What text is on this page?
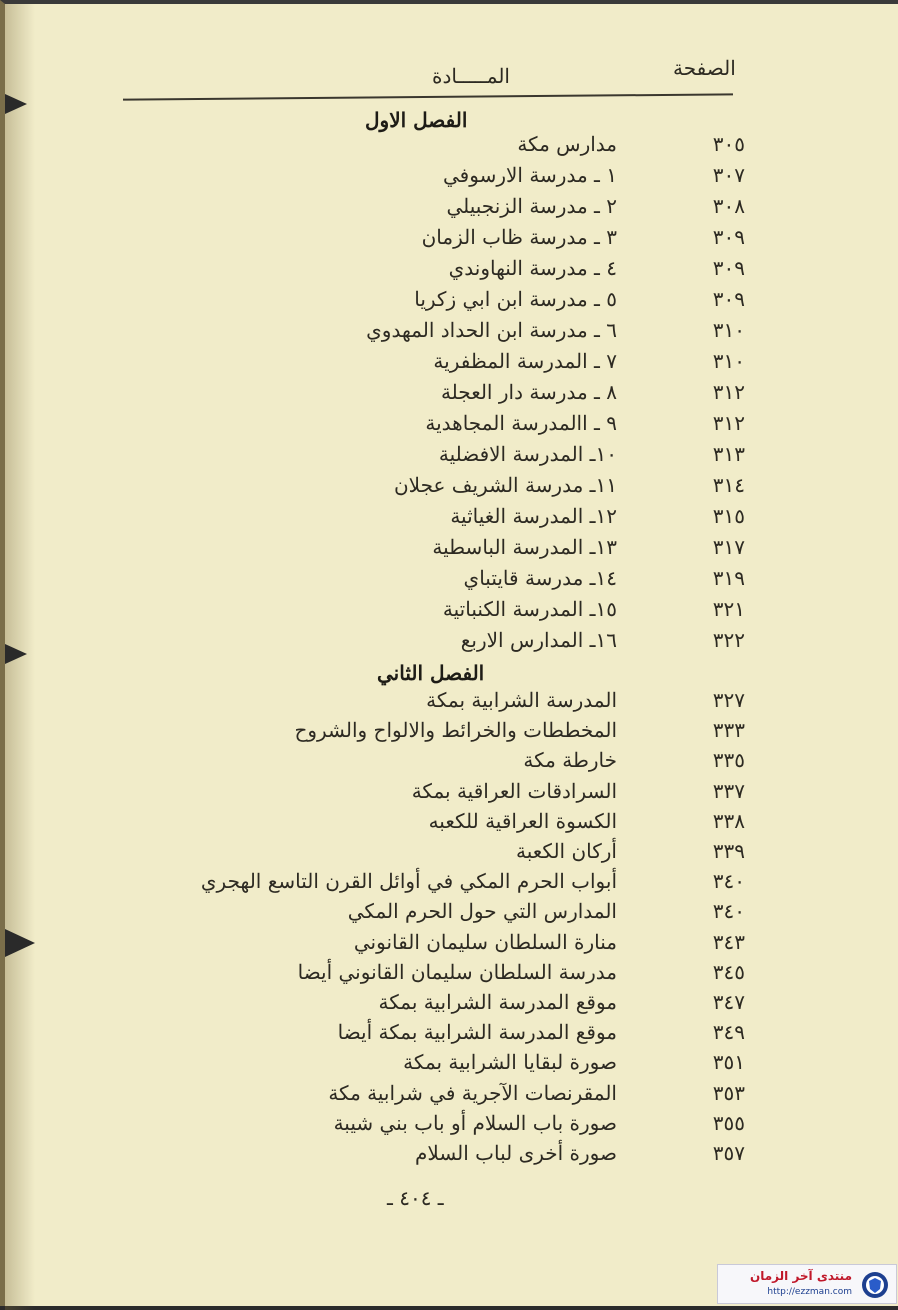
الصفحة
المـــــادة
الفصل الاول
٣٠٥
مدارس مكة
٣٠٧
١ ـ مدرسة الارسوفي
٣٠٨
٢ ـ مدرسة الزنجبيلي
٣٠٩
٣ ـ مدرسة ظاب الزمان
٣٠٩
٤ ـ مدرسة النهاوندي
٣٠٩
٥ ـ مدرسة ابن ابي زكريا
٣١٠
٦ ـ مدرسة ابن الحداد المهدوي
٣١٠
٧ ـ المدرسة المظفرية
٣١٢
٨ ـ مدرسة دار العجلة
٣١٢
٩ ـ االمدرسة المجاهدية
٣١٣
١٠ـ المدرسة الافضلية
٣١٤
١١ـ مدرسة الشريف عجلان
٣١٥
١٢ـ المدرسة الغياثية
٣١٧
١٣ـ المدرسة الباسطية
٣١٩
١٤ـ مدرسة قايتباي
٣٢١
١٥ـ المدرسة الكنباتية
٣٢٢
١٦ـ المدارس الاربع
الفصل الثاني
٣٢٧
المدرسة الشرابية بمكة
٣٣٣
المخططات والخرائط والالواح والشروح
٣٣٥
خارطة مكة
٣٣٧
السرادقات العراقية بمكة
٣٣٨
الكسوة العراقية للكعبه
٣٣٩
أركان الكعبة
٣٤٠
أبواب الحرم المكي في أوائل القرن التاسع الهجري
٣٤٠
المدارس التي حول الحرم المكي
٣٤٣
منارة السلطان سليمان القانوني
٣٤٥
مدرسة السلطان سليمان القانوني أيضا
٣٤٧
موقع المدرسة الشرابية بمكة
٣٤٩
موقع المدرسة الشرابية بمكة أيضا
٣٥١
صورة لبقايا الشرابية بمكة
٣٥٣
المقرنصات الآجرية في شرابية مكة
٣٥٥
صورة باب السلام أو باب بني شيبة
٣٥٧
صورة أخرى لباب السلام
ـ ٤٠٤ ـ
منتدى آخر الزمان
http://ezzman.com
